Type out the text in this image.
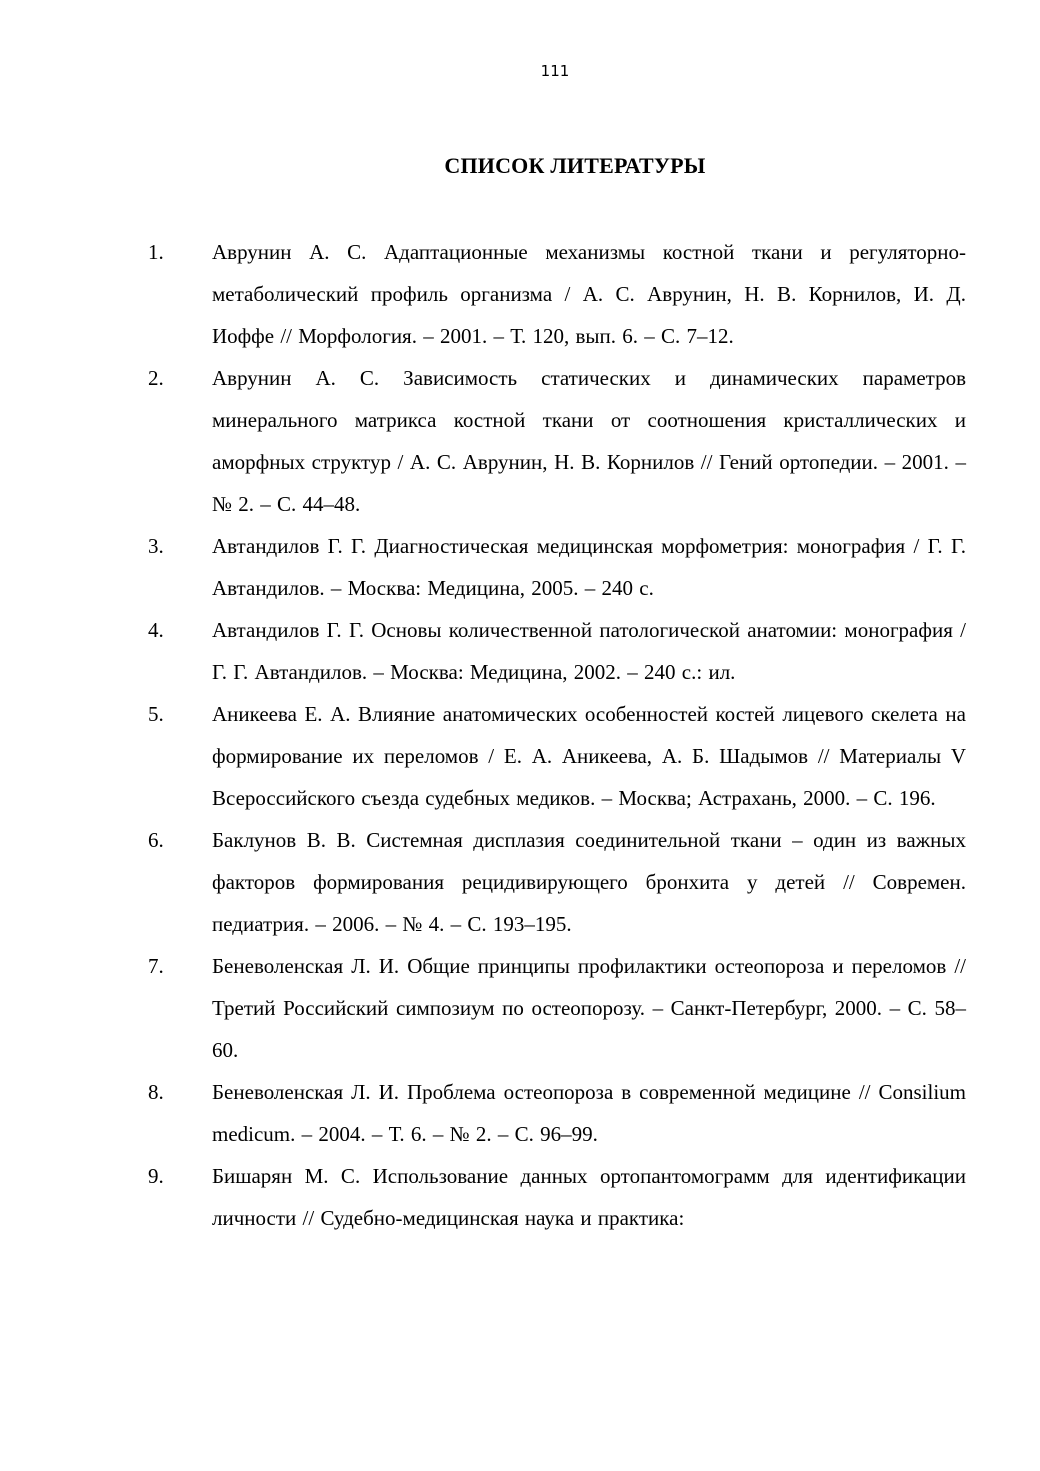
111
СПИСОК ЛИТЕРАТУРЫ
1.	Аврунин А. С. Адаптационные механизмы костной ткани и регуляторно-метаболический профиль организма / А. С. Аврунин, Н. В. Корнилов, И. Д. Иоффе // Морфология. – 2001. – Т. 120, вып. 6. – С. 7–12.
2.	Аврунин А. С. Зависимость статических и динамических параметров минерального матрикса костной ткани от соотношения кристаллических и аморфных структур / А. С. Аврунин, Н. В. Корнилов // Гений ортопедии. – 2001. – № 2. – С. 44–48.
3.	Автандилов Г. Г. Диагностическая медицинская морфометрия: монография / Г. Г. Автандилов. – Москва: Медицина, 2005. – 240 с.
4.	Автандилов Г. Г. Основы количественной патологической анатомии: монография / Г. Г. Автандилов. – Москва: Медицина, 2002. – 240 с.: ил.
5.	Аникеева Е. А. Влияние анатомических особенностей костей лицевого скелета на формирование их переломов / Е. А. Аникеева, А. Б. Шадымов // Материалы V Всероссийского съезда судебных медиков. – Москва; Астрахань, 2000. – С. 196.
6.	Баклунов В. В. Системная дисплазия соединительной ткани – один из важных факторов формирования рецидивирующего бронхита у детей // Современ. педиатрия. – 2006. – № 4. – С. 193–195.
7.	Беневоленская Л. И. Общие принципы профилактики остеопороза и переломов // Третий Российский симпозиум по остеопорозу. – Санкт-Петербург, 2000. – С. 58–60.
8.	Беневоленская Л. И. Проблема остеопороза в современной медицине // Consilium medicum. – 2004. – Т. 6. – № 2. – С. 96–99.
9.	Бишарян М. С. Использование данных ортопантомограмм для идентификации личности // Судебно-медицинская наука и практика:
